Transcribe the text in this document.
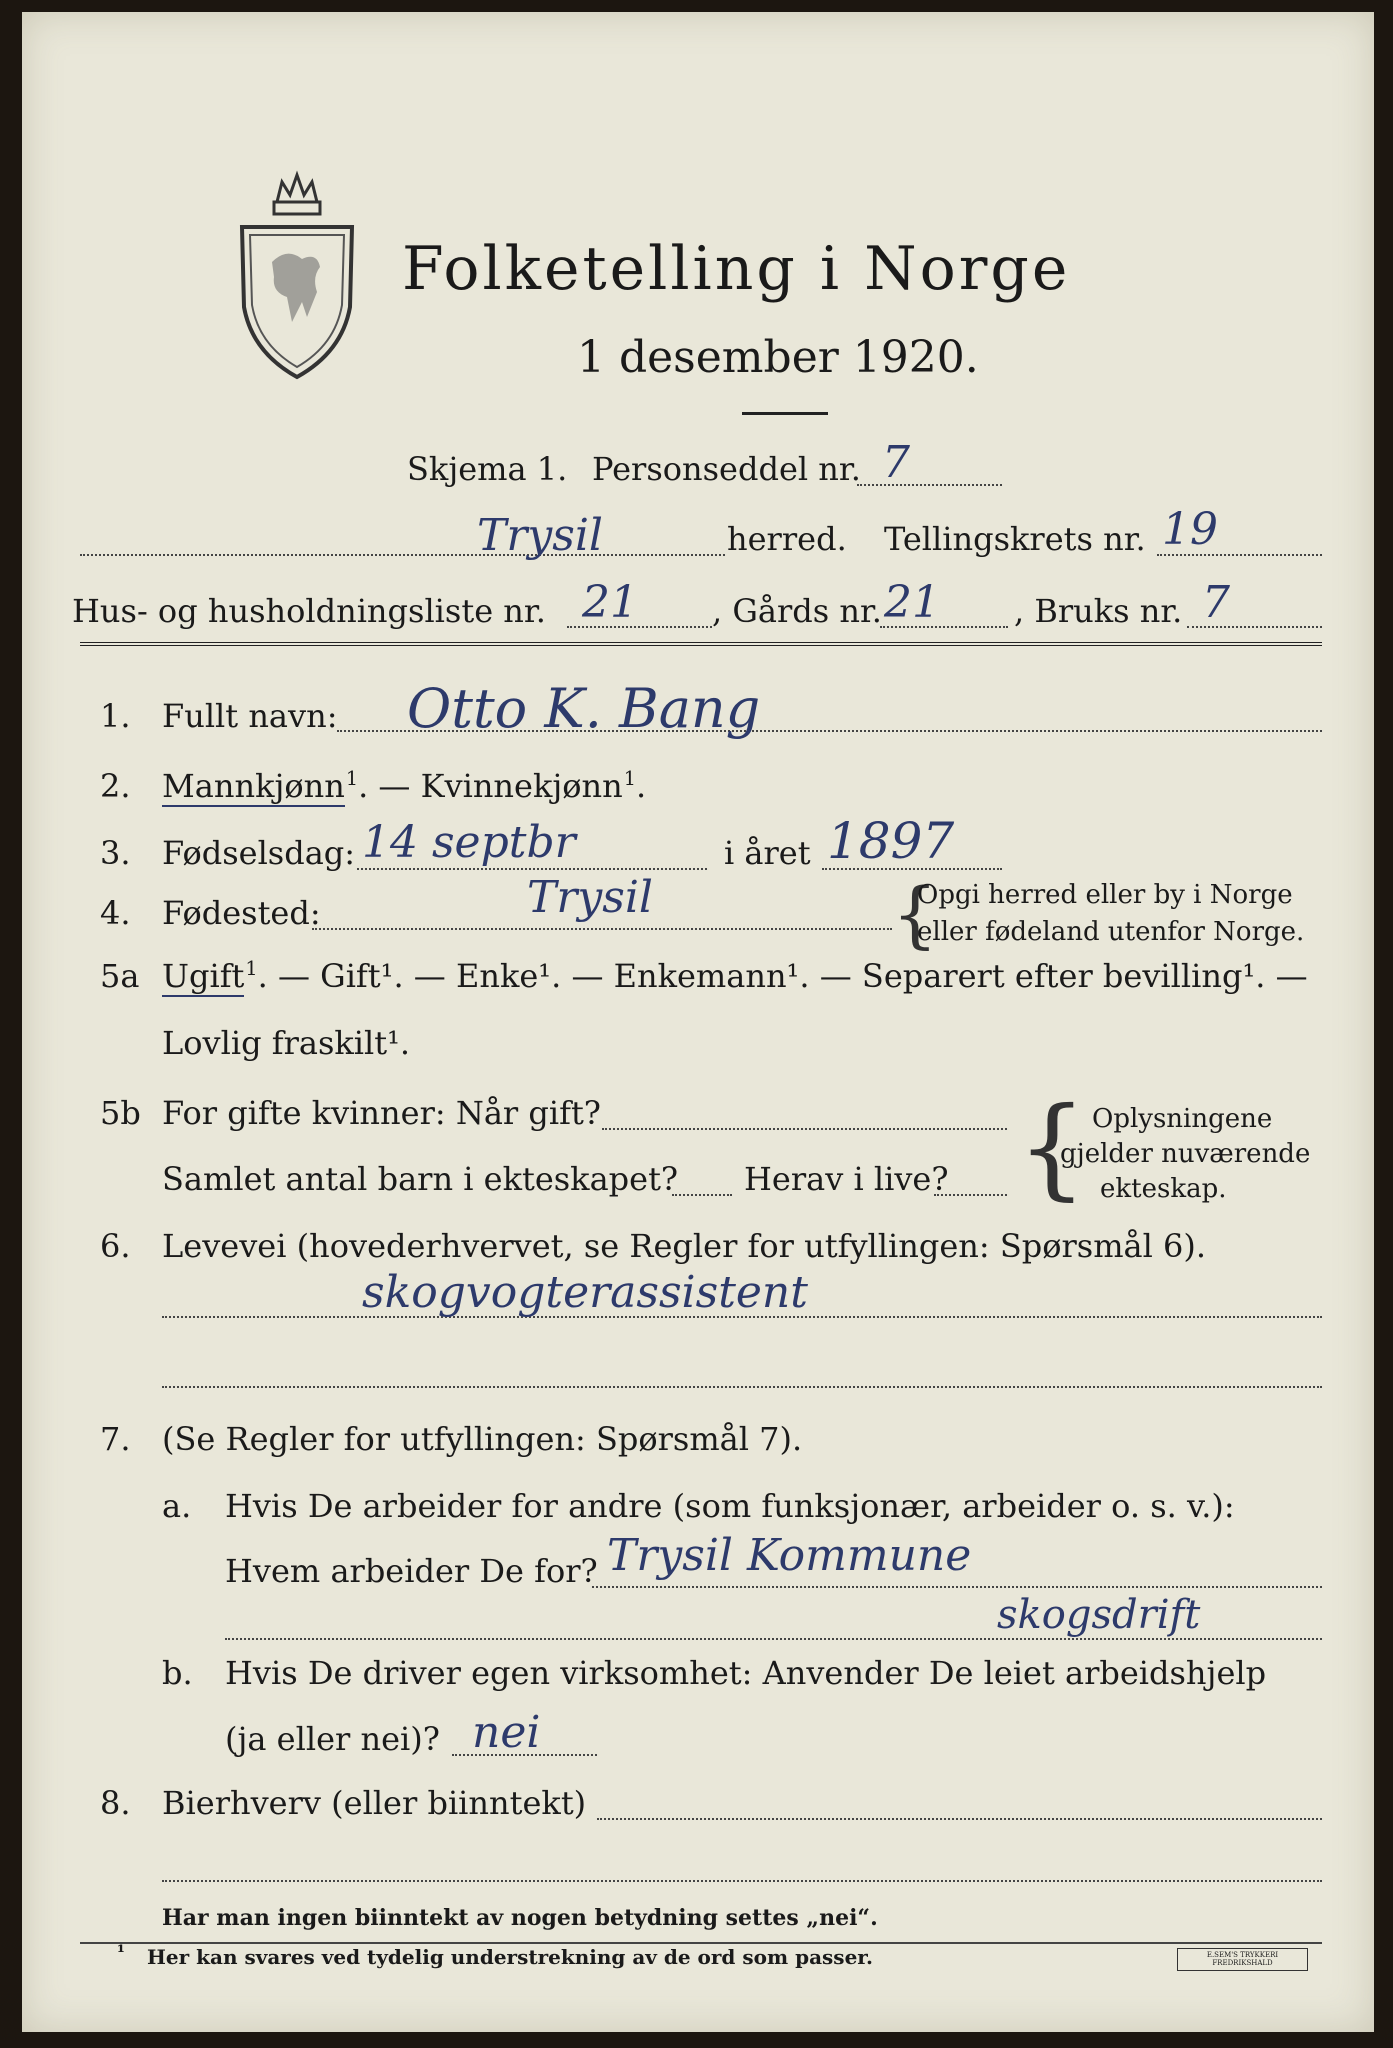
Folketelling i Norge
1 desember 1920.
Skjema 1. Personseddel nr. 7
Trysil	herred. Tellingskrets nr. 19
Hus- og husholdningsliste nr. 21 , Gårds nr. 21 , Bruks nr. 7
1. Fullt navn: Otto K. Bang
2. Mannkjønn$^1$. — Kvinnekjønn$^1$.
3. Fødselsdag: 14 septbr	i året 1897
4. Fødested:	Trysil	{
Opgi herred eller by i Norge
eller fødeland utenfor Norge.
5a Ugift$^1$. — Gift¹. — Enke¹. — Enkemann¹. — Separert efter bevilling¹. —
Lovlig fraskilt¹.
5b For gifte kvinner: Når gift?
Samlet antal barn i ekteskapet? Herav i live? { Oplysningene
gjelder nuværende
ekteskap.
6. Levevei (hovederhvervet, se Regler for utfyllingen: Spørsmål 6).
skogvogterassistent
7. (Se Regler for utfyllingen: Spørsmål 7).
a. Hvis De arbeider for andre (som funksjonær, arbeider o. s. v.):
Hvem arbeider De for? Trysil Kommune
skogsdrift
b. Hvis De driver egen virksomhet: Anvender De leiet arbeidshjelp
(ja eller nei)? nei
8. Bierhverv (eller biinntekt)
Har man ingen biinntekt av nogen betydning settes „nei“.
¹ Her kan svares ved tydelig understrekning av de ord som passer.	E.SEM'S TRYKKERI FREDRIKSHALD
